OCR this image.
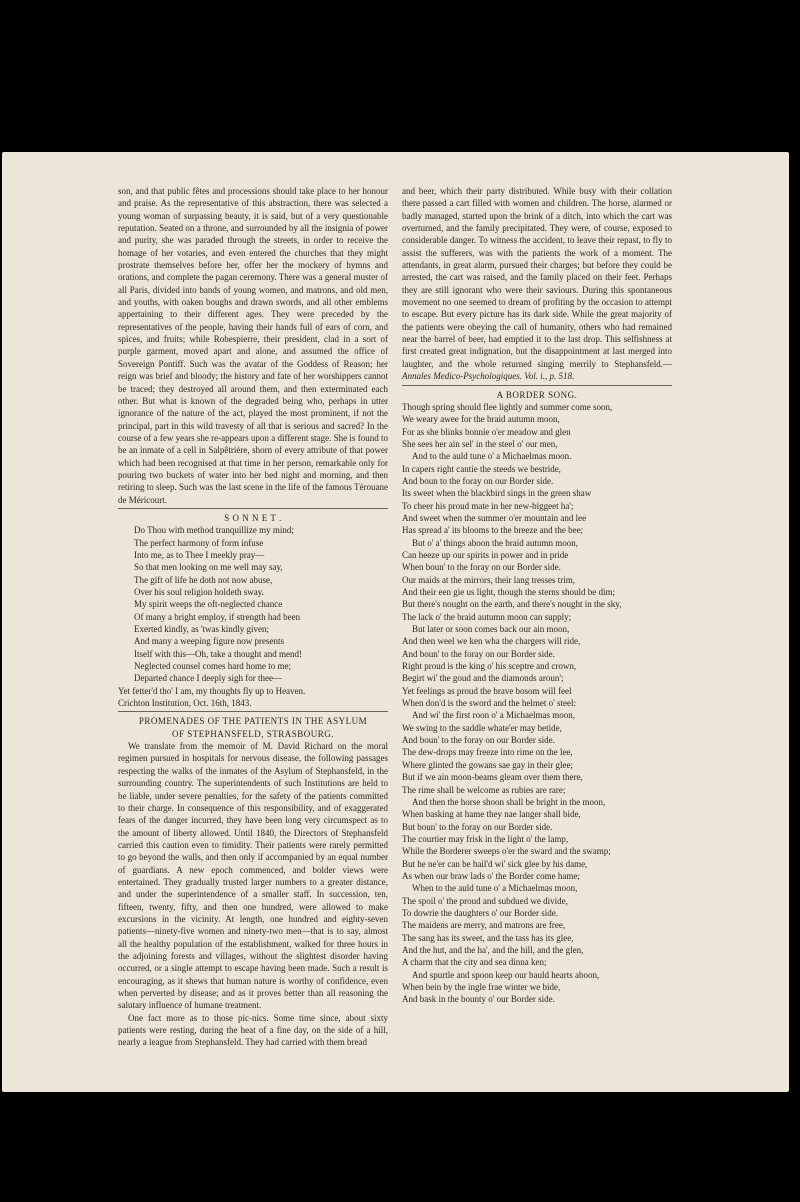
son, and that public fêtes and processions should take place to her honour and praise. As the representative of this abstraction, there was selected a young woman of surpassing beauty, it is said, but of a very questionable reputation. Seated on a throne, and surrounded by all the insignia of power and purity, she was paraded through the streets, in order to receive the homage of her votaries, and even entered the churches that they might prostrate themselves before her, offer her the mockery of hymns and orations, and complete the pagan ceremony. There was a general muster of all Paris, divided into bands of young women, and matrons, and old men, and youths, with oaken boughs and drawn swords, and all other emblems appertaining to their different ages. They were preceded by the representatives of the people, having their hands full of ears of corn, and spices, and fruits; while Robespierre, their president, clad in a sort of purple garment, moved apart and alone, and assumed the office of Sovereign Pontiff. Such was the avatar of the Goddess of Reason; her reign was brief and bloody; the history and fate of her worshippers cannot be traced; they destroyed all around them, and then exterminated each other. But what is known of the degraded being who, perhaps in utter ignorance of the nature of the act, played the most prominent, if not the principal, part in this wild travesty of all that is serious and sacred? In the course of a few years she re-appears upon a different stage. She is found to be an inmate of a cell in Salpêtrière, shorn of every attribute of that power which had been recognised at that time in her person, remarkable only for pouring two buckets of water into her bed night and morning, and then retiring to sleep. Such was the last scene in the life of the famous Térouane de Méricourt.

S O N N E T .
Do Thou with method tranquillize my mind;
The perfect harmony of form infuse
Into me, as to Thee I meekly pray—
So that men looking on me well may say,
The gift of life he doth not now abuse,
Over his soul religion holdeth sway.
My spirit weeps the oft-neglected chance
Of many a bright employ, if strength had been
Exerted kindly, as 'twas kindly given;
And many a weeping figure now presents
Itself with this—Oh, take a thought and mend!
Neglected counsel comes hard home to me;
Departed chance I deeply sigh for thee—
Yet fetter'd tho' I am, my thoughts fly up to Heaven.
Crichton Institution, Oct. 16th, 1843.
PROMENADES OF THE PATIENTS IN THE ASYLUM
OF STEPHANSFELD, STRASBOURG.

We translate from the memoir of M. David Richard on the moral regimen pursued in hospitals for nervous disease, the following passages respecting the walks of the inmates of the Asylum of Stephansfeld, in the surrounding country. The superintendents of such Institutions are held to be liable, under severe penalties, for the safety of the patients committed to their charge. In consequence of this responsibility, and of exaggerated fears of the danger incurred, they have been long very circumspect as to the amount of liberty allowed. Until 1840, the Directors of Stephansfeld carried this caution even to timidity. Their patients were rarely permitted to go beyond the walls, and then only if accompanied by an equal number of guardians. A new epoch commenced, and bolder views were entertained. They gradually trusted larger numbers to a greater distance, and under the superintendence of a smaller staff. In succession, ten, fifteen, twenty, fifty, and then one hundred, were allowed to make excursions in the vicinity. At length, one hundred and eighty-seven patients—ninety-five women and ninety-two men—that is to say, almost all the healthy population of the establishment, walked for three hours in the adjoining forests and villages, without the slightest disorder having occurred, or a single attempt to escape having been made. Such a result is encouraging, as it shews that human nature is worthy of confidence, even when perverted by disease; and as it proves better than all reasoning the salutary influence of humane treatment.

One fact more as to those pic-nics. Some time since, about sixty patients were resting, during the heat of a fine day, on the side of a hill, nearly a league from Stephansfeld. They had carried with them bread

and beer, which their party distributed. While busy with their collation there passed a cart filled with women and children. The horse, alarmed or badly managed, started upon the brink of a ditch, into which the cart was overturned, and the family precipitated. They were, of course, exposed to considerable danger. To witness the accident, to leave their repast, to fly to assist the sufferers, was with the patients the work of a moment. The attendants, in great alarm, pursued their charges; but before they could be arrested, the cart was raised, and the family placed on their feet. Perhaps they are still ignorant who were their saviours. During this spontaneous movement no one seemed to dream of profiting by the occasion to attempt to escape. But every picture has its dark side. While the great majority of the patients were obeying the call of humanity, others who had remained near the barrel of beer, had emptied it to the last drop. This selfishness at first created great indignation, but the disappointment at last merged into laughter, and the whole returned singing merrily to Stephansfeld.—Annales Medico-Psychologiques. Vol. i., p. 518.

A BORDER SONG.
Though spring should flee lightly and summer come soon,
We weary awee for the braid autumn moon,
For as she blinks bonnie o'er meadow and glen
She sees her ain sel' in the steel o' our men,
And to the auld tune o' a Michaelmas moon.
In capers right cantie the steeds we bestride,
And boun to the foray on our Border side.
Its sweet when the blackbird sings in the green shaw
To cheer his proud mate in her new-biggeet ha';
And sweet when the summer o'er mountain and lee
Has spread a' its blooms to the breeze and the bee;
But o' a' things aboon the braid autumn moon,
Can heeze up our spirits in power and in pride
When boun' to the foray on our Border side.
Our maids at the mirrors, their lang tresses trim,
And their een gie us light, though the sterns should be dim;
But there's nought on the earth, and there's nought in the sky,
The lack o' the braid autumn moon can supply;
But later or soon comes back our ain moon,
And then weel we ken wha the chargers will ride,
And boun' to the foray on our Border side.
Right proud is the king o' his sceptre and crown,
Begirt wi' the goud and the diamonds aroun';
Yet feelings as proud the brave bosom will feel
When don'd is the sword and the helmet o' steel:
And wi' the first roon o' a Michaelmas moon,
We swing to the saddle whate'er may betide,
And boun' to the foray on our Border side.
The dew-drops may freeze into rime on the lee,
Where glinted the gowans sae gay in their glee;
But if we ain moon-beams gleam over them there,
The rime shall be welcome as rubies are rare;
And then the horse shoon shall be bright in the moon,
When basking at hame they nae langer shall bide,
But boun' to the foray on our Border side.
The courtier may frisk in the light o' the lamp,
While the Borderer sweeps o'er the sward and the swamp;
But he ne'er can be hail'd wi' sick glee by his dame,
As when our braw lads o' the Border come hame;
When to the auld tune o' a Michaelmas moon,
The spoil o' the proud and subdued we divide,
To dowrie the daughters o' our Border side.
The maidens are merry, and matrons are free,
The sang has its sweet, and the tass has its glee,
And the hut, and the ha', and the hill, and the glen,
A charm that the city and sea dinna ken;
And spurtle and spoon keep our bauld hearts aboon,
When bein by the ingle frae winter we bide,
And bask in the bounty o' our Border side.
